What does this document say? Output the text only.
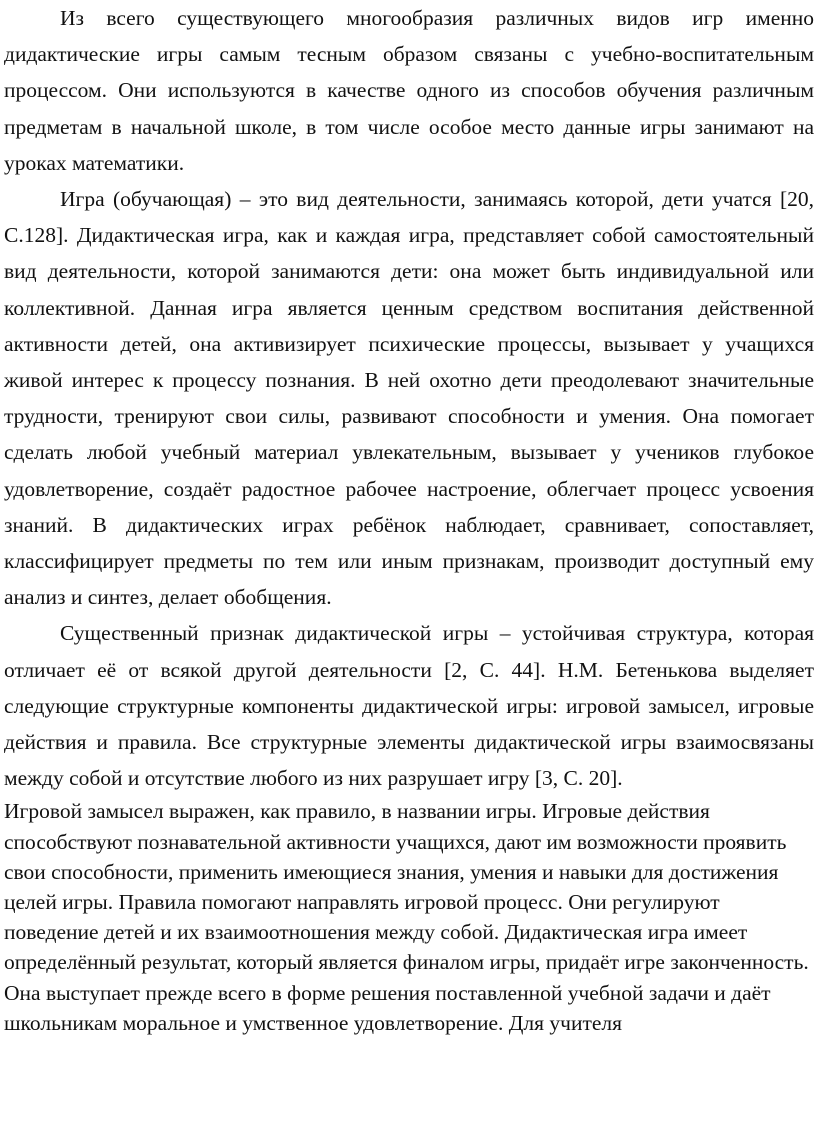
Из всего существующего многообразия различных видов игр именно дидактические игры самым тесным образом связаны с учебно-воспитательным процессом. Они используются в качестве одного из способов обучения различным предметам в начальной школе, в том числе особое место данные игры занимают на уроках математики.

Игра (обучающая) – это вид деятельности, занимаясь которой, дети учатся [20, С.128]. Дидактическая игра, как и каждая игра, представляет собой самостоятельный вид деятельности, которой занимаются дети: она может быть индивидуальной или коллективной. Данная игра является ценным средством воспитания действенной активности детей, она активизирует психические процессы, вызывает у учащихся живой интерес к процессу познания. В ней охотно дети преодолевают значительные трудности, тренируют свои силы, развивают способности и умения. Она помогает сделать любой учебный материал увлекательным, вызывает у учеников глубокое удовлетворение, создаёт радостное рабочее настроение, облегчает процесс усвоения знаний. В дидактических играх ребёнок наблюдает, сравнивает, сопоставляет, классифицирует предметы по тем или иным признакам, производит доступный ему анализ и синтез, делает обобщения.

Существенный признак дидактической игры – устойчивая структура, которая отличает её от всякой другой деятельности [2, С. 44]. Н.М. Бетенькова выделяет следующие структурные компоненты дидактической игры: игровой замысел, игровые действия и правила. Все структурные элементы дидактической игры взаимосвязаны между собой и отсутствие любого из них разрушает игру [3, С. 20].

Игровой замысел выражен, как правило, в названии игры. Игровые действия способствуют познавательной активности учащихся, дают им возможности проявить свои способности, применить имеющиеся знания, умения и навыки для достижения целей игры. Правила помогают направлять игровой процесс. Они регулируют поведение детей и их взаимоотношения между собой. Дидактическая игра имеет определённый результат, который является финалом игры, придаёт игре законченность. Она выступает прежде всего в форме решения поставленной учебной задачи и даёт школьникам моральное и умственное удовлетворение. Для учителя
